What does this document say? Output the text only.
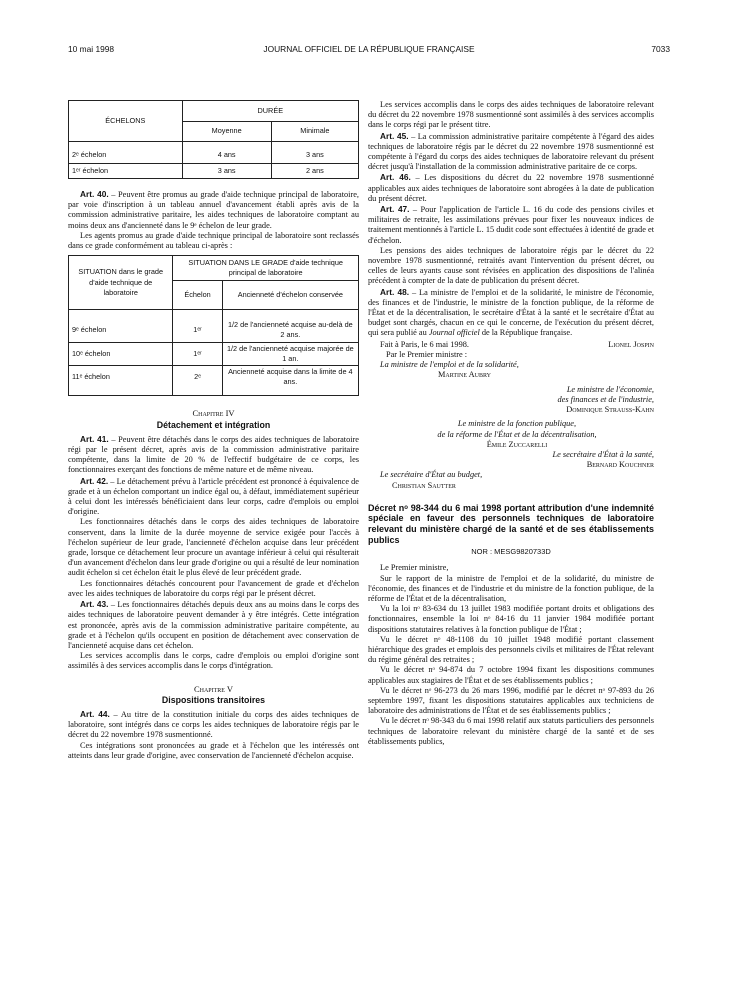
10 mai 1998	JOURNAL OFFICIEL DE LA RÉPUBLIQUE FRANÇAISE	7033
ÉCHELONS	DURÉE	
	Moyenne	Minimale
2ᵉ échelon	4 ans	3 ans
1ᵉʳ échelon	3 ans	2 ans

Art. 40. – Peuvent être promus au grade d'aide technique principal de laboratoire, par voie d'inscription à un tableau annuel d'avancement établi après avis de la commission administrative paritaire, les aides techniques de laboratoire comptant au moins deux ans d'ancienneté dans le 9ᵉ échelon de leur grade.

Les agents promus au grade d'aide technique principal de laboratoire sont reclassés dans ce grade conformément au tableau ci-après :

SITUATION dans le grade d'aide technique de laboratoire	SITUATION DANS LE GRADE d'aide technique principal de laboratoire	
	Échelon	Ancienneté d'échelon conservée
9ᵉ échelon	1ᵉʳ	1/2 de l'ancienneté acquise au-delà de 2 ans.
10ᵉ échelon	1ᵉʳ	1/2 de l'ancienneté acquise majorée de 1 an.
11ᵉ échelon	2ᵉ	Ancienneté acquise dans la limite de 4 ans.
Chapitre IV
Détachement et intégration

Art. 41. – Peuvent être détachés dans le corps des aides techniques de laboratoire régi par le présent décret, après avis de la commission administrative paritaire compétente, dans la limite de 20 % de l'effectif budgétaire de ce corps, les fonctionnaires exerçant des fonctions de même nature et de même niveau.

Art. 42. – Le détachement prévu à l'article précédent est prononcé à équivalence de grade et à un échelon comportant un indice égal ou, à défaut, immédiatement supérieur à celui dont les intéressés bénéficiaient dans leur corps, cadre d'emplois ou emploi d'origine.

Les fonctionnaires détachés dans le corps des aides techniques de laboratoire conservent, dans la limite de la durée moyenne de service exigée pour l'accès à l'échelon supérieur de leur grade, l'ancienneté d'échelon acquise dans leur précédent grade, lorsque ce détachement leur procure un avantage inférieur à celui qui résulterait d'un avancement d'échelon dans leur grade d'origine ou qui a résulté de leur nomination audit échelon si cet échelon était le plus élevé de leur précédent grade.

Les fonctionnaires détachés concourent pour l'avancement de grade et d'échelon avec les aides techniques de laboratoire du corps régi par le présent décret.

Art. 43. – Les fonctionnaires détachés depuis deux ans au moins dans le corps des aides techniques de laboratoire peuvent demander à y être intégrés. Cette intégration est prononcée, après avis de la commission administrative paritaire compétente, au grade et à l'échelon qu'ils occupent en position de détachement avec conservation de l'ancienneté acquise dans cet échelon.

Les services accomplis dans le corps, cadre d'emplois ou emploi d'origine sont assimilés à des services accomplis dans le corps d'intégration.

Chapitre V
Dispositions transitoires

Art. 44. – Au titre de la constitution initiale du corps des aides techniques de laboratoire, sont intégrés dans ce corps les aides techniques de laboratoire régis par le décret du 22 novembre 1978 susmentionné.

Ces intégrations sont prononcées au grade et à l'échelon que les intéressés ont atteints dans leur grade d'origine, avec conservation de l'ancienneté d'échelon acquise.

Les services accomplis dans le corps des aides techniques de laboratoire relevant du décret du 22 novembre 1978 susmentionné sont assimilés à des services accomplis dans le corps régi par le présent titre.

Art. 45. – La commission administrative paritaire compétente à l'égard des aides techniques de laboratoire régis par le décret du 22 novembre 1978 susmentionné est compétente à l'égard du corps des aides techniques de laboratoire relevant du présent décret jusqu'à l'installation de la commission administrative paritaire de ce corps.

Art. 46. – Les dispositions du décret du 22 novembre 1978 susmentionné applicables aux aides techniques de laboratoire sont abrogées à la date de publication du présent décret.

Art. 47. – Pour l'application de l'article L. 16 du code des pensions civiles et militaires de retraite, les assimilations prévues pour fixer les nouveaux indices de traitement mentionnés à l'article L. 15 dudit code sont effectuées à identité de grade et d'échelon.

Les pensions des aides techniques de laboratoire régis par le décret du 22 novembre 1978 susmentionné, retraités avant l'intervention du présent décret, ou celles de leurs ayants cause sont révisées en application des dispositions de l'alinéa précédent à compter de la date de publication du présent décret.

Art. 48. – La ministre de l'emploi et de la solidarité, le ministre de l'économie, des finances et de l'industrie, le ministre de la fonction publique, de la réforme de l'État et de la décentralisation, le secrétaire d'État à la santé et le secrétaire d'État au budget sont chargés, chacun en ce qui le concerne, de l'exécution du présent décret, qui sera publié au Journal officiel de la République française.

Fait à Paris, le 6 mai 1998.	Lionel Jospin

Par le Premier ministre :

La ministre de l'emploi et de la solidarité,

Martine Aubry

Le ministre de l'économie,

des finances et de l'industrie,

Dominique Strauss-Kahn

Le ministre de la fonction publique,

de la réforme de l'État et de la décentralisation,

Émile Zuccarelli

Le secrétaire d'État à la santé,

Bernard Kouchner

Le secrétaire d'État au budget,

Christian Sautter

Décret nᵒ 98-344 du 6 mai 1998 portant attribution d'une indemnité spéciale en faveur des personnels techniques de laboratoire relevant du ministère chargé de la santé et de ses établissements publics
NOR : MESG9820733D

Le Premier ministre,

Sur le rapport de la ministre de l'emploi et de la solidarité, du ministre de l'économie, des finances et de l'industrie et du ministre de la fonction publique, de la réforme de l'État et de la décentralisation,

Vu la loi nᵒ 83-634 du 13 juillet 1983 modifiée portant droits et obligations des fonctionnaires, ensemble la loi nᵒ 84-16 du 11 janvier 1984 modifiée portant dispositions statutaires relatives à la fonction publique de l'État ;

Vu le décret nᵒ 48-1108 du 10 juillet 1948 modifié portant classement hiérarchique des grades et emplois des personnels civils et militaires de l'État relevant du régime général des retraites ;

Vu le décret nᵒ 94-874 du 7 octobre 1994 fixant les dispositions communes applicables aux stagiaires de l'État et de ses établissements publics ;

Vu le décret nᵒ 96-273 du 26 mars 1996, modifié par le décret nᵒ 97-893 du 26 septembre 1997, fixant les dispositions statutaires applicables aux techniciens de laboratoire des administrations de l'État et de ses établissements publics ;

Vu le décret nᵒ 98-343 du 6 mai 1998 relatif aux statuts particuliers des personnels techniques de laboratoire relevant du ministère chargé de la santé et de ses établissements publics,
